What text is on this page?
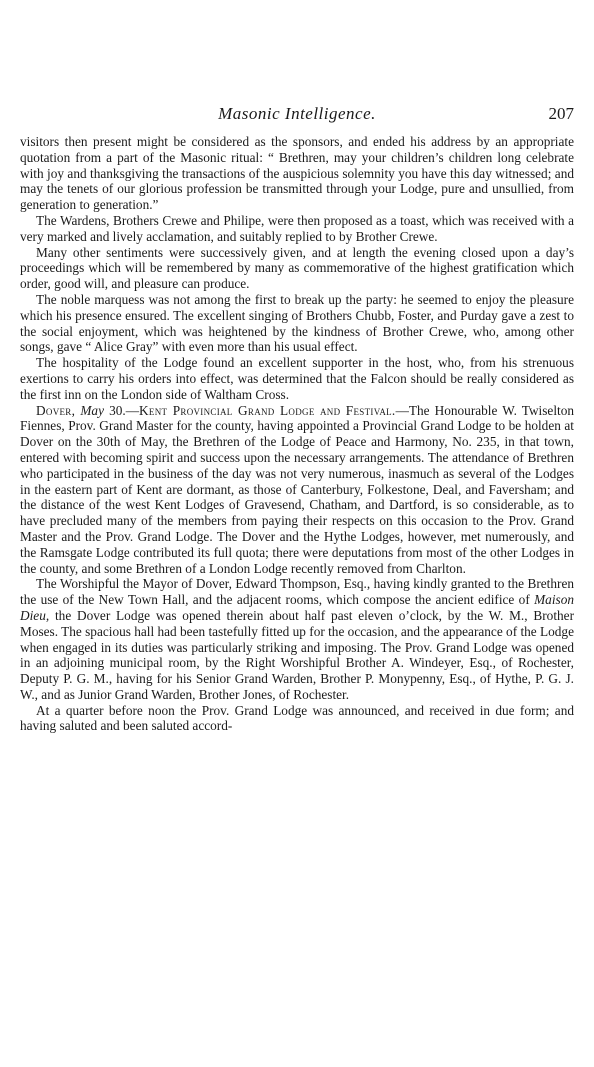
Masonic Intelligence.	207

visitors then present might be considered as the sponsors, and ended his address by an appropriate quotation from a part of the Masonic ritual: “ Brethren, may your children’s children long celebrate with joy and thanksgiving the transactions of the auspicious solemnity you have this day witnessed; and may the tenets of our glorious profession be transmitted through your Lodge, pure and unsullied, from generation to generation.”

The Wardens, Brothers Crewe and Philipe, were then proposed as a toast, which was received with a very marked and lively acclamation, and suitably replied to by Brother Crewe.

Many other sentiments were successively given, and at length the evening closed upon a day’s proceedings which will be remembered by many as commemorative of the highest gratification which order, good will, and pleasure can produce.

The noble marquess was not among the first to break up the party: he seemed to enjoy the pleasure which his presence ensured. The excellent singing of Brothers Chubb, Foster, and Purday gave a zest to the social enjoyment, which was heightened by the kindness of Brother Crewe, who, among other songs, gave “ Alice Gray” with even more than his usual effect.

The hospitality of the Lodge found an excellent supporter in the host, who, from his strenuous exertions to carry his orders into effect, was determined that the Falcon should be really considered as the first inn on the London side of Waltham Cross.

Dover, May 30.—Kent Provincial Grand Lodge and Festival.—The Honourable W. Twiselton Fiennes, Prov. Grand Master for the county, having appointed a Provincial Grand Lodge to be holden at Dover on the 30th of May, the Brethren of the Lodge of Peace and Harmony, No. 235, in that town, entered with becoming spirit and success upon the necessary arrangements. The attendance of Brethren who participated in the business of the day was not very numerous, inasmuch as several of the Lodges in the eastern part of Kent are dormant, as those of Canterbury, Folkestone, Deal, and Faversham; and the distance of the west Kent Lodges of Gravesend, Chatham, and Dartford, is so considerable, as to have precluded many of the members from paying their respects on this occasion to the Prov. Grand Master and the Prov. Grand Lodge. The Dover and the Hythe Lodges, however, met numerously, and the Ramsgate Lodge contributed its full quota; there were deputations from most of the other Lodges in the county, and some Brethren of a London Lodge recently removed from Charlton.

The Worshipful the Mayor of Dover, Edward Thompson, Esq., having kindly granted to the Brethren the use of the New Town Hall, and the adjacent rooms, which compose the ancient edifice of Maison Dieu, the Dover Lodge was opened therein about half past eleven o’clock, by the W. M., Brother Moses. The spacious hall had been tastefully fitted up for the occasion, and the appearance of the Lodge when engaged in its duties was particularly striking and imposing. The Prov. Grand Lodge was opened in an adjoining municipal room, by the Right Worshipful Brother A. Windeyer, Esq., of Rochester, Deputy P. G. M., having for his Senior Grand Warden, Brother P. Monypenny, Esq., of Hythe, P. G. J. W., and as Junior Grand Warden, Brother Jones, of Rochester.

At a quarter before noon the Prov. Grand Lodge was announced, and received in due form; and having saluted and been saluted accord-
